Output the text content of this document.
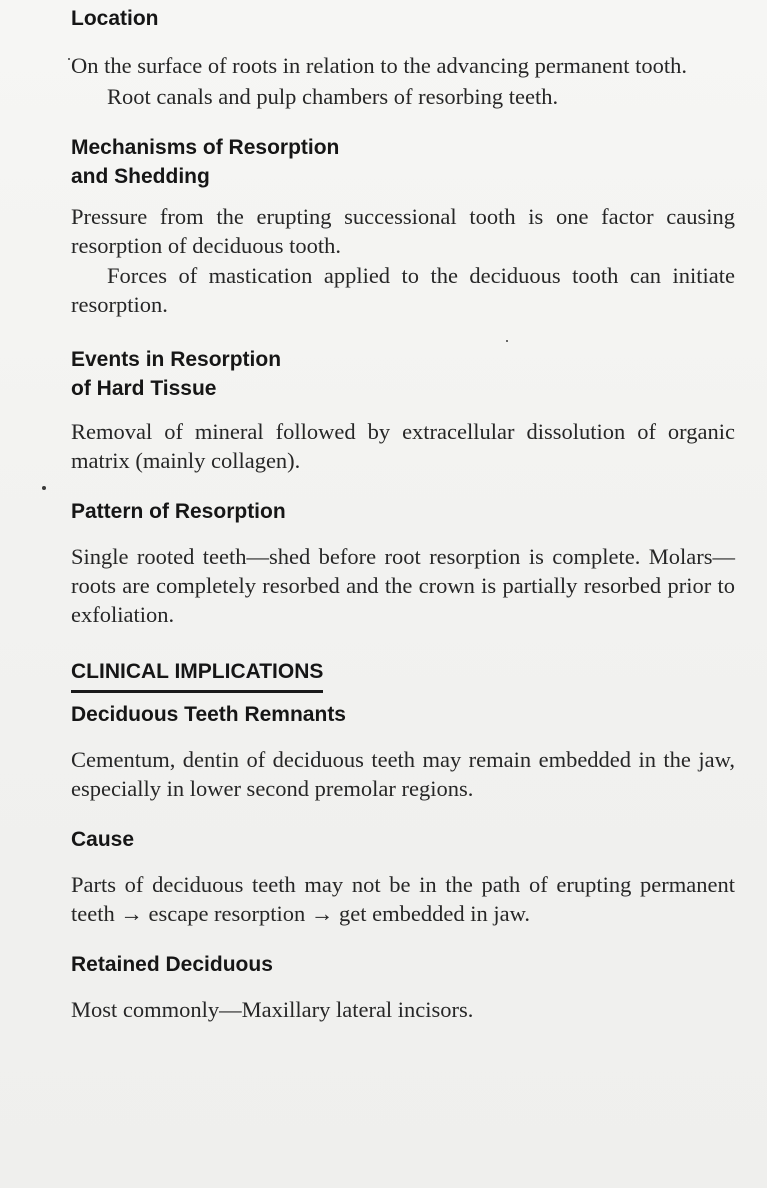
Location

On the surface of roots in relation to the advancing permanent tooth.

Root canals and pulp chambers of resorbing teeth.

Mechanisms of Resorption
and Shedding

Pressure from the erupting successional tooth is one factor causing resorption of deciduous tooth.

Forces of mastication applied to the deciduous tooth can initiate resorption.

Events in Resorption
of Hard Tissue

Removal of mineral followed by extracellular dissolution of organic matrix (mainly collagen).

Pattern of Resorption

Single rooted teeth—shed before root resorption is complete. Molars—roots are completely resorbed and the crown is partially resorbed prior to exfoliation.

CLINICAL IMPLICATIONS
Deciduous Teeth Remnants

Cementum, dentin of deciduous teeth may remain embedded in the jaw, especially in lower second premolar regions.

Cause

Parts of deciduous teeth may not be in the path of erupting permanent teeth → escape resorption → get embedded in jaw.

Retained Deciduous

Most commonly—Maxillary lateral incisors.
